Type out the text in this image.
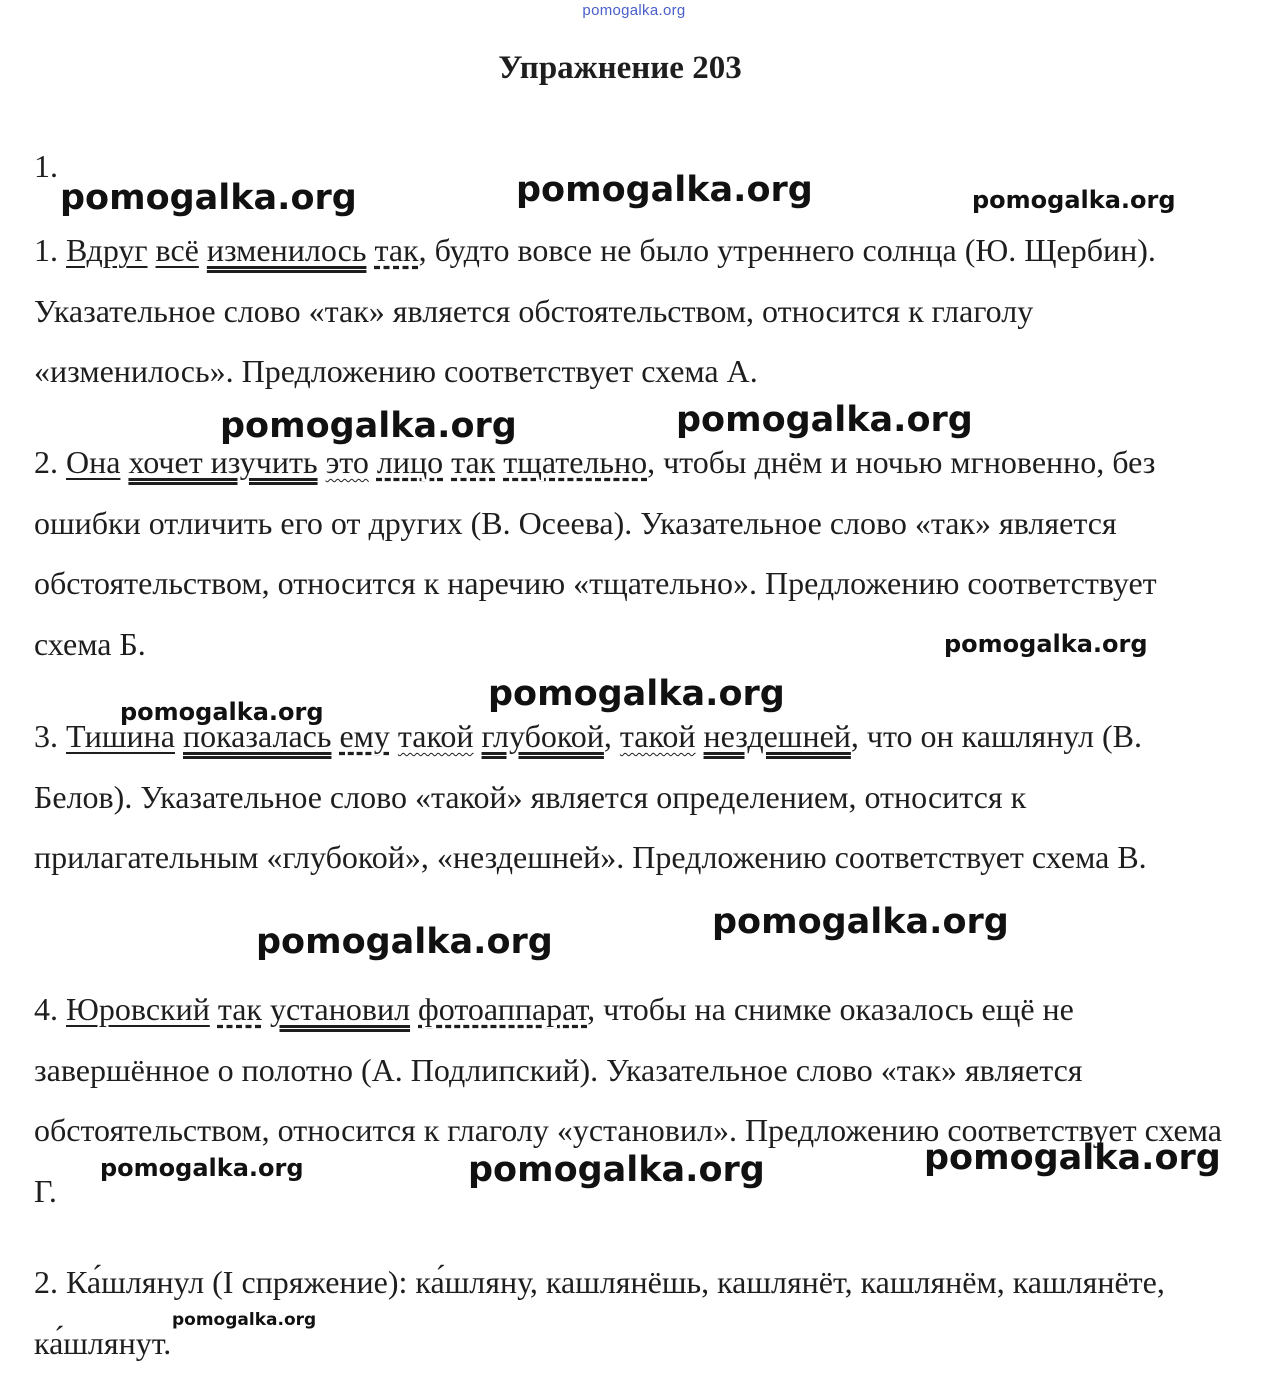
pomogalka.org
Упражнение 203

1.

1. Вдруг всё изменилось так, будто вовсе не было утреннего солнца (Ю. Щербин). Указательное слово «так» является обстоятельством, относится к глаголу «изменилось». Предложению соответствует схема А.

2. Она хочет изучить это лицо так тщательно, чтобы днём и ночью мгновенно, без ошибки отличить его от других (В. Осеева). Указательное слово «так» является обстоятельством, относится к наречию «тщательно». Предложению соответствует схема Б.

3. Тишина показалась ему такой глубокой, такой нездешней, что он кашлянул (В. Белов). Указательное слово «такой» является определением, относится к прилагательным «глубокой», «нездешней». Предложению соответствует схема В.

4. Юровский так установил фотоаппарат, чтобы на снимке оказалось ещё не завершённое о полотно (А. Подлипский). Указательное слово «так» является обстоятельством, относится к глаголу «установил». Предложению соответствует схема Г.

2. Ка́шлянул (I спряжение): ка́шляну, кашлянёшь, кашлянёт, кашлянём, кашлянёте, ка́шлянут.

pomogalka.org	pomogalka.org	pomogalka.org
pomogalka.org	pomogalka.org
pomogalka.org
pomogalka.org
pomogalka.org
pomogalka.org
pomogalka.org
pomogalka.org	pomogalka.org	pomogalka.org
pomogalka.org
